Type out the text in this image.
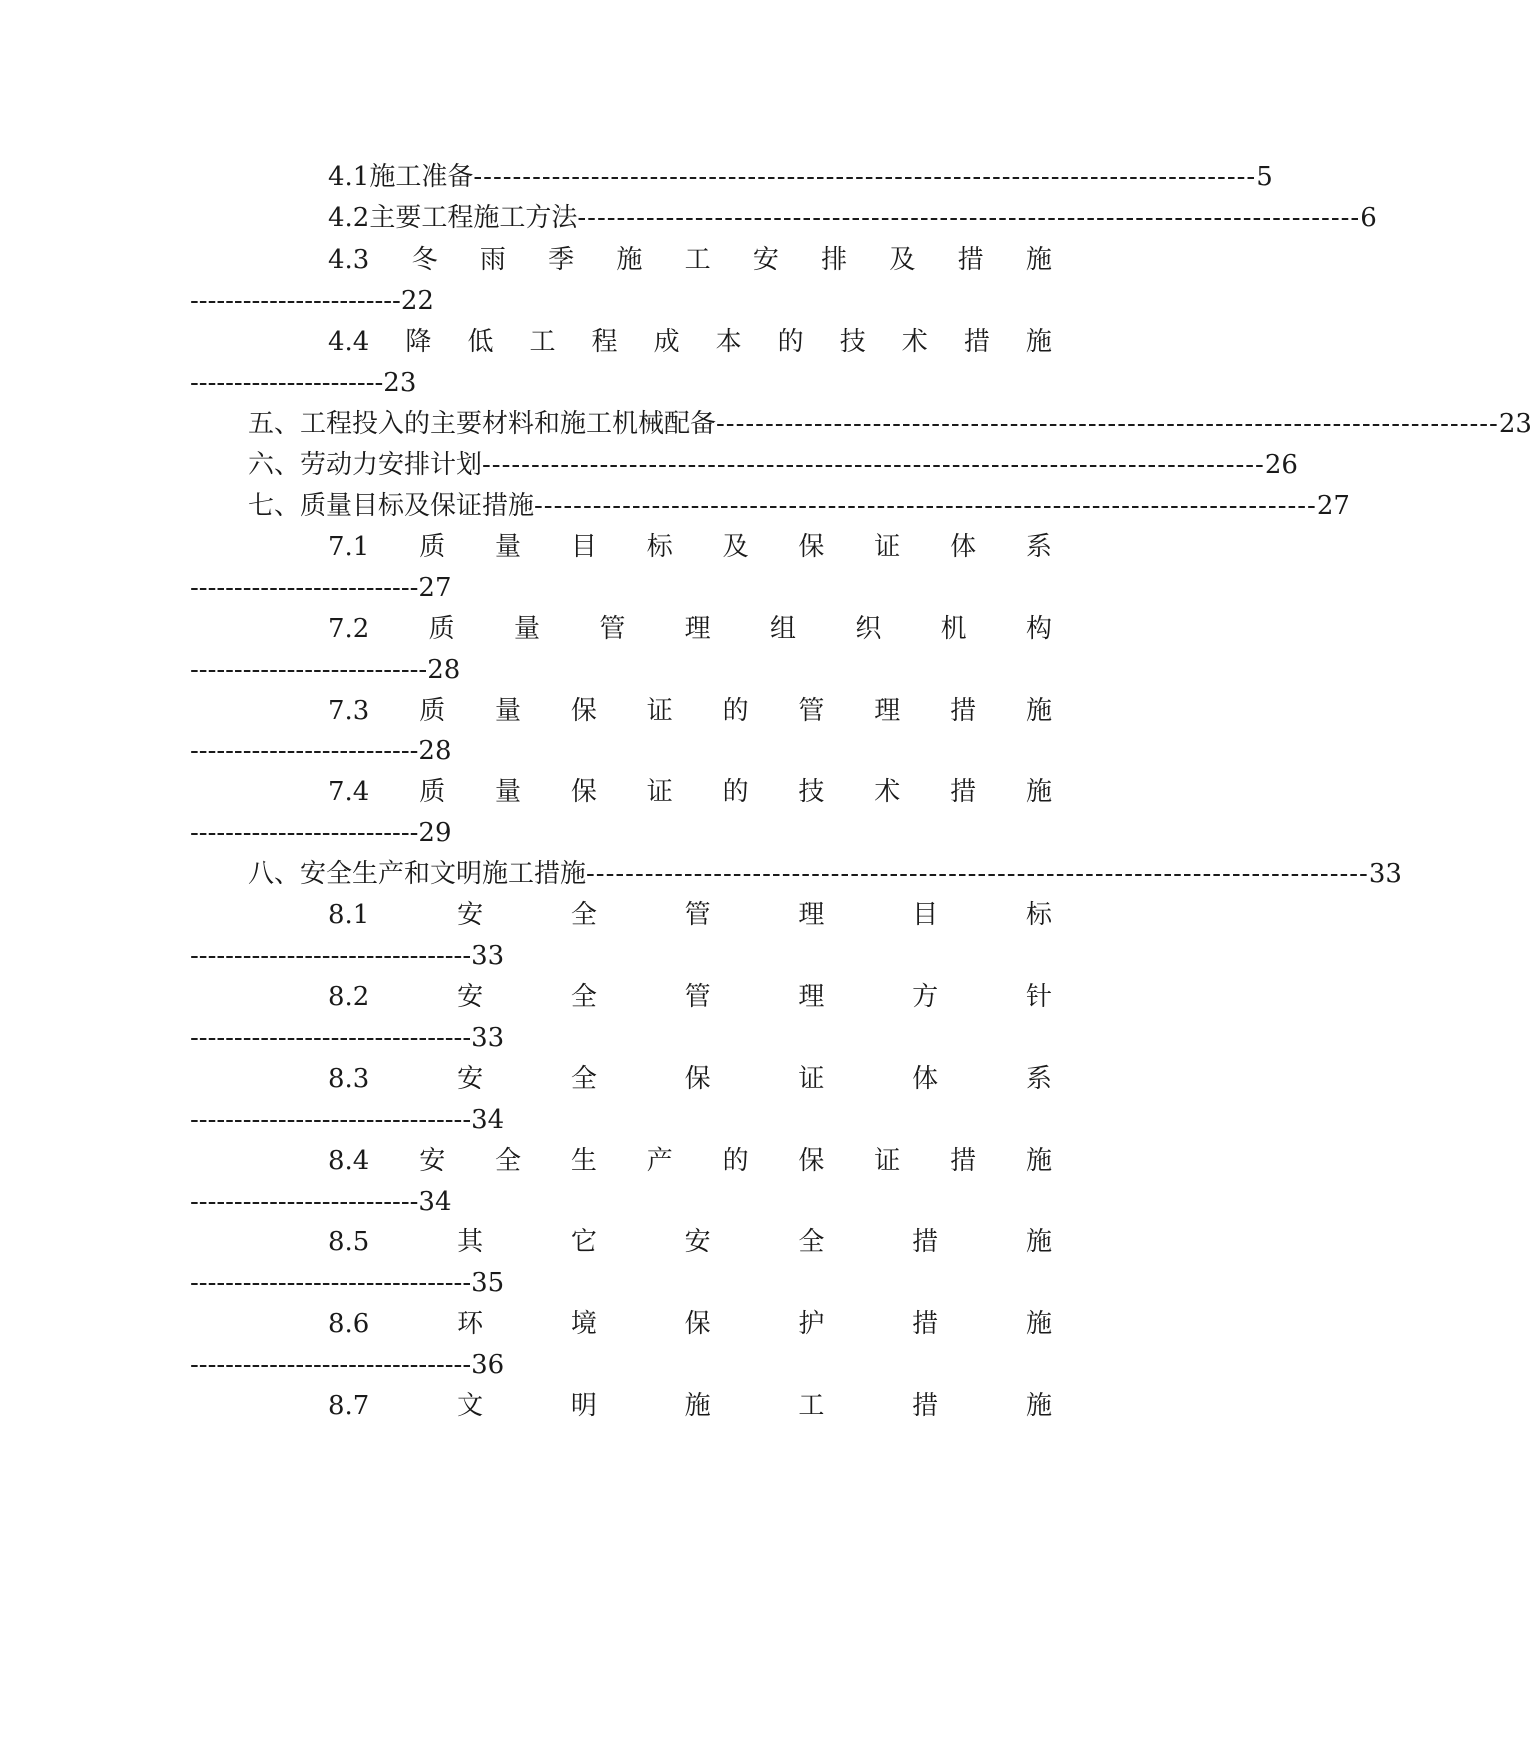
4.1 施工准备 -------------------------------------------------------------------------------- 5
4.2 主要工程施工方法 -------------------------------------------------------------------------------- 6
4.3 冬 雨 季 施 工 安 排 及 措 施
------------------------22
4.4 降 低 工 程 成 本 的 技 术 措 施
----------------------23
五、工程投入的主要材料和施工机械配备 -------------------------------------------------------------------------------- 23
六、劳动力安排计划 -------------------------------------------------------------------------------- 26
七、质量目标及保证措施 -------------------------------------------------------------------------------- 27
7.1 质 量 目 标 及 保 证 体 系
--------------------------27
7.2 质 量 管 理 组 织 机 构
---------------------------28
7.3 质 量 保 证 的 管 理 措 施
--------------------------28
7.4 质 量 保 证 的 技 术 措 施
--------------------------29
八、安全生产和文明施工措施 -------------------------------------------------------------------------------- 33
8.1	安	全	管	理	目	标
--------------------------------33
8.2	安	全	管	理	方	针
--------------------------------33
8.3	安	全	保	证	体	系
--------------------------------34
8.4 安 全 生 产 的 保 证 措 施
--------------------------34
8.5	其	它	安	全	措	施
--------------------------------35
8.6	环	境	保	护	措	施
--------------------------------36
8.7	文	明	施	工	措	施
